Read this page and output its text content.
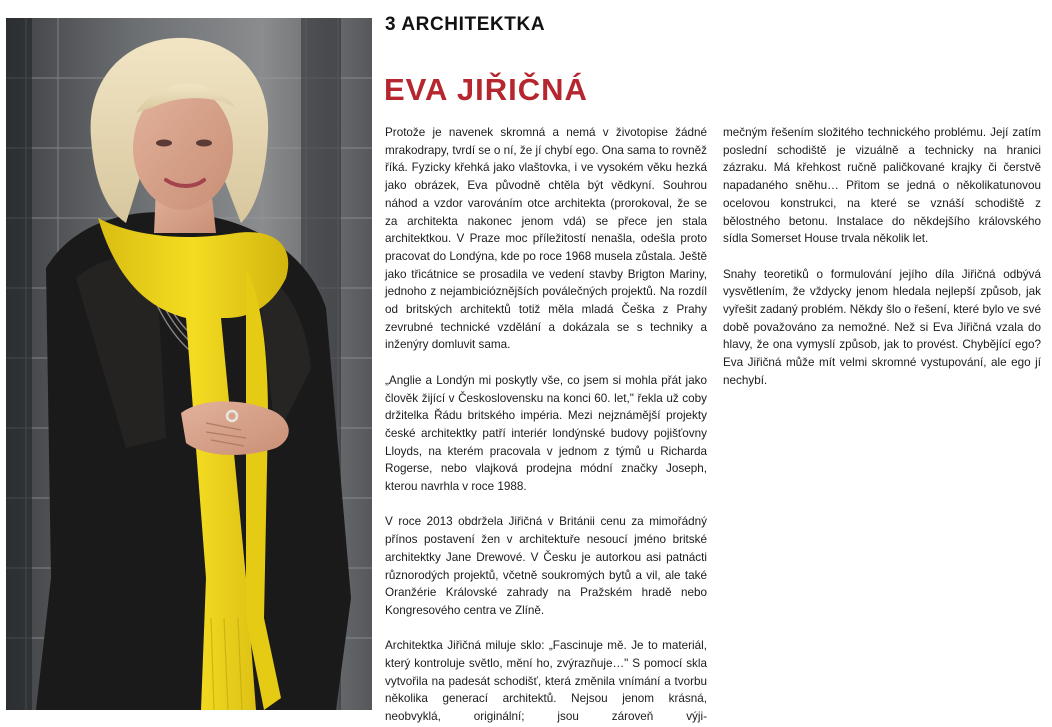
3 ARCHITEKTKA
EVA JIŘIČNÁ

Protože je navenek skromná a nemá v životopise žádné mrakodrapy, tvrdí se o ní, že jí chybí ego. Ona sama to rovněž říká. Fyzicky křehká jako vlaštovka, i ve vysokém věku hezká jako obrázek, Eva původně chtěla být vědkyní. Souhrou náhod a vzdor varováním otce architekta (prorokoval, že se za architekta nakonec jenom vdá) se přece jen stala architektkou. V Praze moc příležitostí nenašla, odešla proto pracovat do Londýna, kde po roce 1968 musela zůstala. Ještě jako třicátnice se prosadila ve vedení stavby Brigton Mariny, jednoho z nejambicióznějších poválečných projektů. Na rozdíl od britských architektů totiž měla mladá Češka z Prahy zevrubné technické vzdělání a dokázala se s techniky a inženýry domluvit sama.

„Anglie a Londýn mi poskytly vše, co jsem si mohla přát jako člověk žijící v Československu na konci 60. let," řekla už coby držitelka Řádu britského impéria. Mezi nejznámější projekty české architektky patří interiér londýnské budovy pojišťovny Lloyds, na kterém pracovala v jednom z týmů u Richarda Rogerse, nebo vlajková prodejna módní značky Joseph, kterou navrhla v roce 1988.

V roce 2013 obdržela Jiřičná v Británii cenu za mimořádný přínos postavení žen v architektuře nesoucí jméno britské architektky Jane Drewové. V Česku je autorkou asi patnácti různorodých projektů, včetně soukromých bytů a vil, ale také Oranžérie Královské zahrady na Pražském hradě nebo Kongresového centra ve Zlíně.

Architektka Jiřičná miluje sklo: „Fascinuje mě. Je to materiál, který kontroluje světlo, mění ho, zvýrazňuje…" S pomocí skla vytvořila na padesát schodišť, která změnila vnímání a tvorbu několika generací architektů. Nejsou jenom krásná, neobvyklá, originální; jsou zároveň výji-

mečným řešením složitého technického problému. Její zatím poslední schodiště je vizuálně a technicky na hranici zázraku. Má křehkost ručně paličkované krajky či čerstvě napadaného sněhu… Přitom se jedná o několikatunovou ocelovou konstrukci, na které se vznáší schodiště z bělostného betonu. Instalace do někdejšího královského sídla Somerset House trvala několik let.

Snahy teoretiků o formulování jejího díla Jiřičná odbývá vysvětlením, že vždycky jenom hledala nejlepší způsob, jak vyřešit zadaný problém. Někdy šlo o řešení, které bylo ve své době považováno za nemožné. Než si Eva Jiřičná vzala do hlavy, že ona vymyslí způsob, jak to provést. Chybějící ego? Eva Jiřičná může mít velmi skromné vystupování, ale ego jí nechybí.
